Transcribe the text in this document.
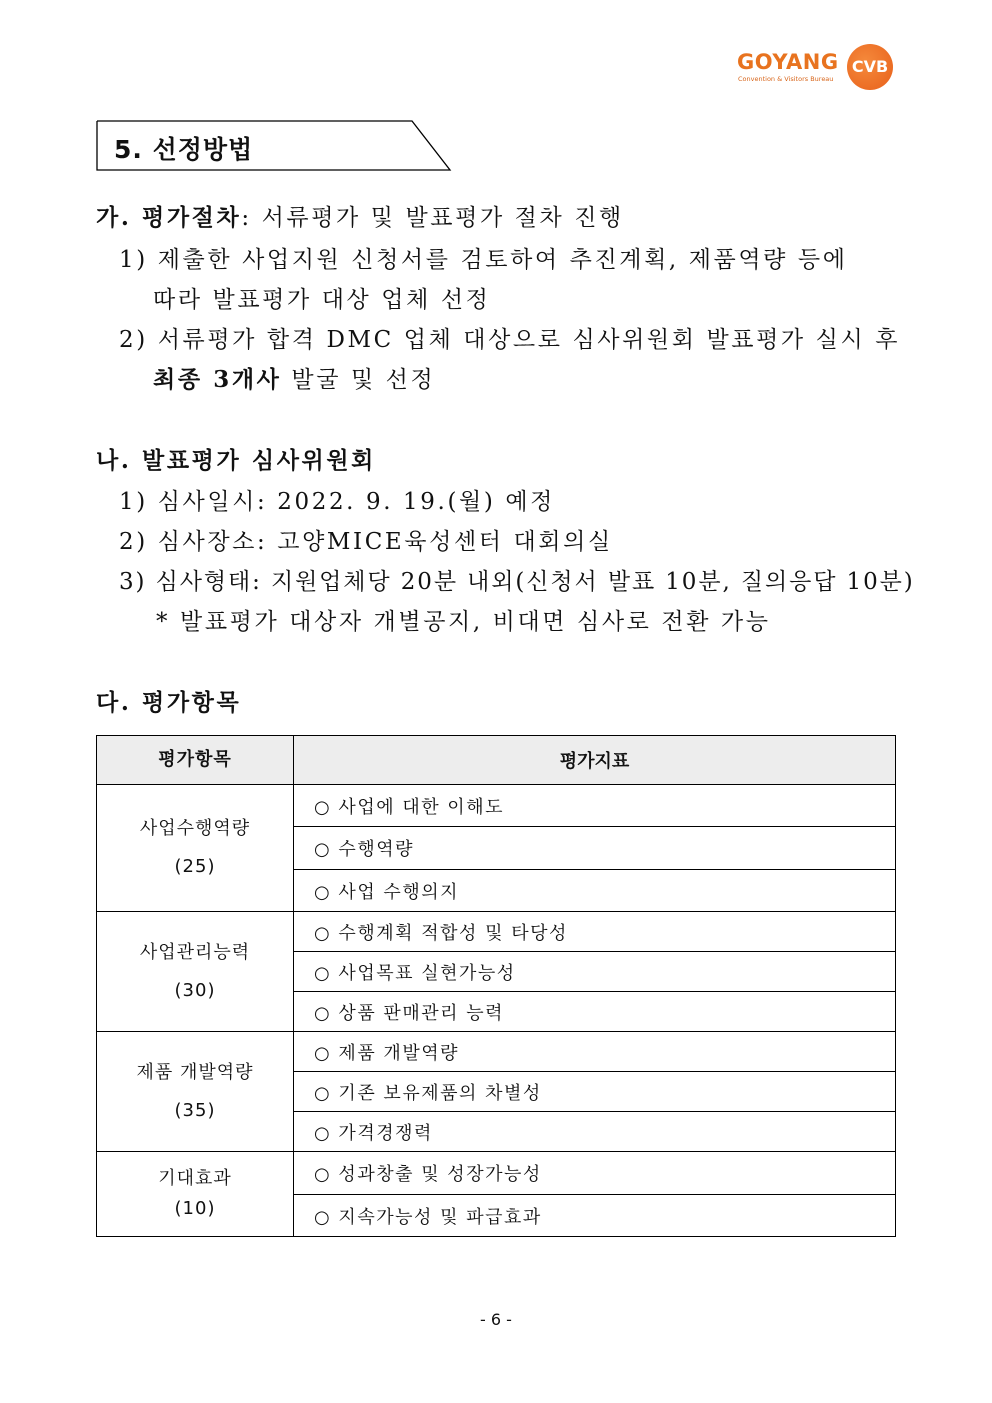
GOYANG
Convention & Visitors Bureau
CVB
5. 선정방법
가. 평가절차: 서류평가 및 발표평가 절차 진행
1) 제출한 사업지원 신청서를 검토하여 추진계획, 제품역량 등에
따라 발표평가 대상 업체 선정
2) 서류평가 합격 DMC 업체 대상으로 심사위원회 발표평가 실시 후
최종 3개사 발굴 및 선정
나. 발표평가 심사위원회
1) 심사일시: 2022. 9. 19.(월) 예정
2) 심사장소: 고양MICE육성센터 대회의실
3) 심사형태: 지원업체당 20분 내외(신청서 발표 10분, 질의응답 10분)
* 발표평가 대상자 개별공지, 비대면 심사로 전환 가능
다. 평가항목
평가항목	평가지표

사업수행역량
(25)	○ 사업에 대한 이해도
	○ 수행역량
	○ 사업 수행의지

사업관리능력
(30)	○ 수행계획 적합성 및 타당성
	○ 사업목표 실현가능성
	○ 상품 판매관리 능력

제품 개발역량
(35)	○ 제품 개발역량
	○ 기존 보유제품의 차별성
	○ 가격경쟁력

기대효과
(10)	○ 성과창출 및 성장가능성
	○ 지속가능성 및 파급효과
- 6 -
